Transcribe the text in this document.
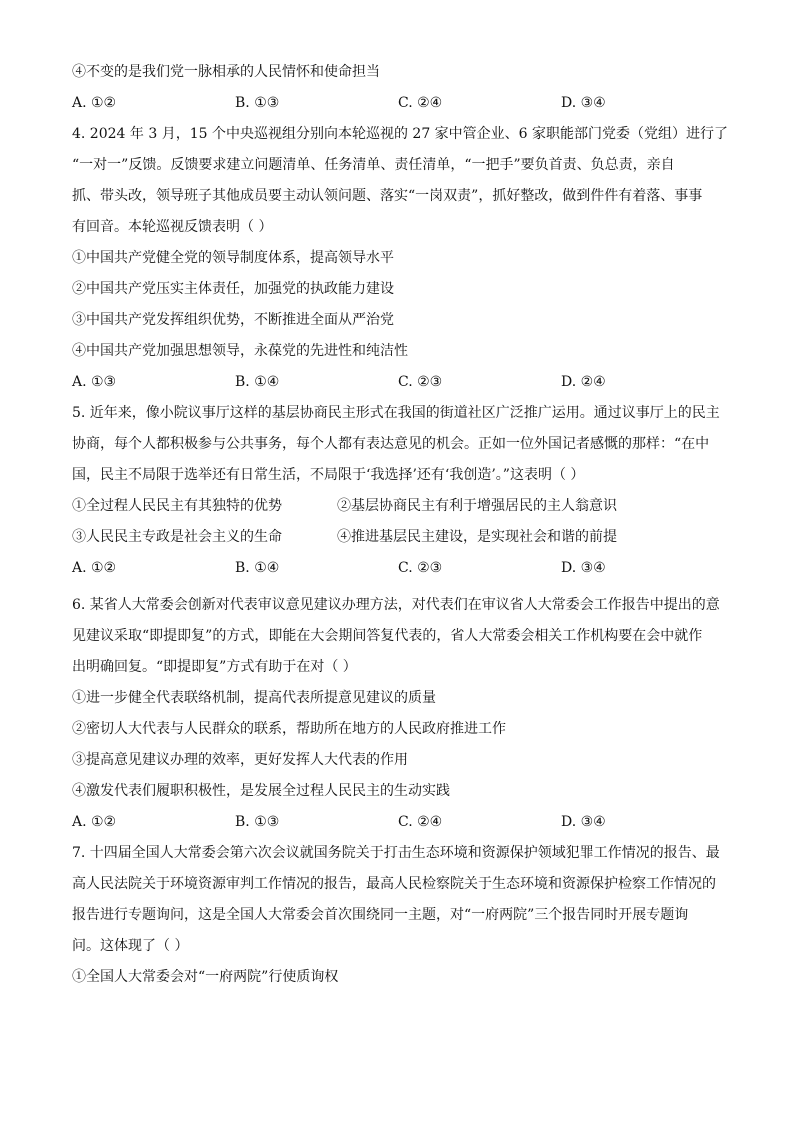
④不变的是我们党一脉相承的人民情怀和使命担当
A. ①②	B. ①③	C. ②④	D. ③④
4. 2024 年 3 月，15 个中央巡视组分别向本轮巡视的 27 家中管企业、6 家职能部门党委（党组）进行了
“一对一”反馈。反馈要求建立问题清单、任务清单、责任清单，“一把手”要负首责、负总责，亲自
抓、带头改，领导班子其他成员要主动认领问题、落实“一岗双责”，抓好整改，做到件件有着落、事事
有回音。本轮巡视反馈表明（ ）
①中国共产党健全党的领导制度体系，提高领导水平
②中国共产党压实主体责任，加强党的执政能力建设
③中国共产党发挥组织优势，不断推进全面从严治党
④中国共产党加强思想领导，永葆党的先进性和纯洁性
A. ①③	B. ①④	C. ②③	D. ②④
5. 近年来，像小院议事厅这样的基层协商民主形式在我国的街道社区广泛推广运用。通过议事厅上的民主
协商，每个人都积极参与公共事务，每个人都有表达意见的机会。正如一位外国记者感慨的那样：“在中
国，民主不局限于选举还有日常生活，不局限于‘我选择’还有‘我创造’。”这表明（ ）
①全过程人民民主有其独特的优势	②基层协商民主有利于增强居民的主人翁意识
③人民民主专政是社会主义的生命	④推进基层民主建设，是实现社会和谐的前提
A. ①②	B. ①④	C. ②③	D. ③④
6. 某省人大常委会创新对代表审议意见建议办理方法，对代表们在审议省人大常委会工作报告中提出的意
见建议采取“即提即复”的方式，即能在大会期间答复代表的，省人大常委会相关工作机构要在会中就作
出明确回复。“即提即复”方式有助于在对（ ）
①进一步健全代表联络机制，提高代表所提意见建议的质量
②密切人大代表与人民群众的联系，帮助所在地方的人民政府推进工作
③提高意见建议办理的效率，更好发挥人大代表的作用
④激发代表们履职积极性，是发展全过程人民民主的生动实践
A. ①②	B. ①③	C. ②④	D. ③④
7. 十四届全国人大常委会第六次会议就国务院关于打击生态环境和资源保护领域犯罪工作情况的报告、最
高人民法院关于环境资源审判工作情况的报告，最高人民检察院关于生态环境和资源保护检察工作情况的
报告进行专题询问，这是全国人大常委会首次围绕同一主题，对“一府两院”三个报告同时开展专题询
问。这体现了（ ）
①全国人大常委会对“一府两院”行使质询权
